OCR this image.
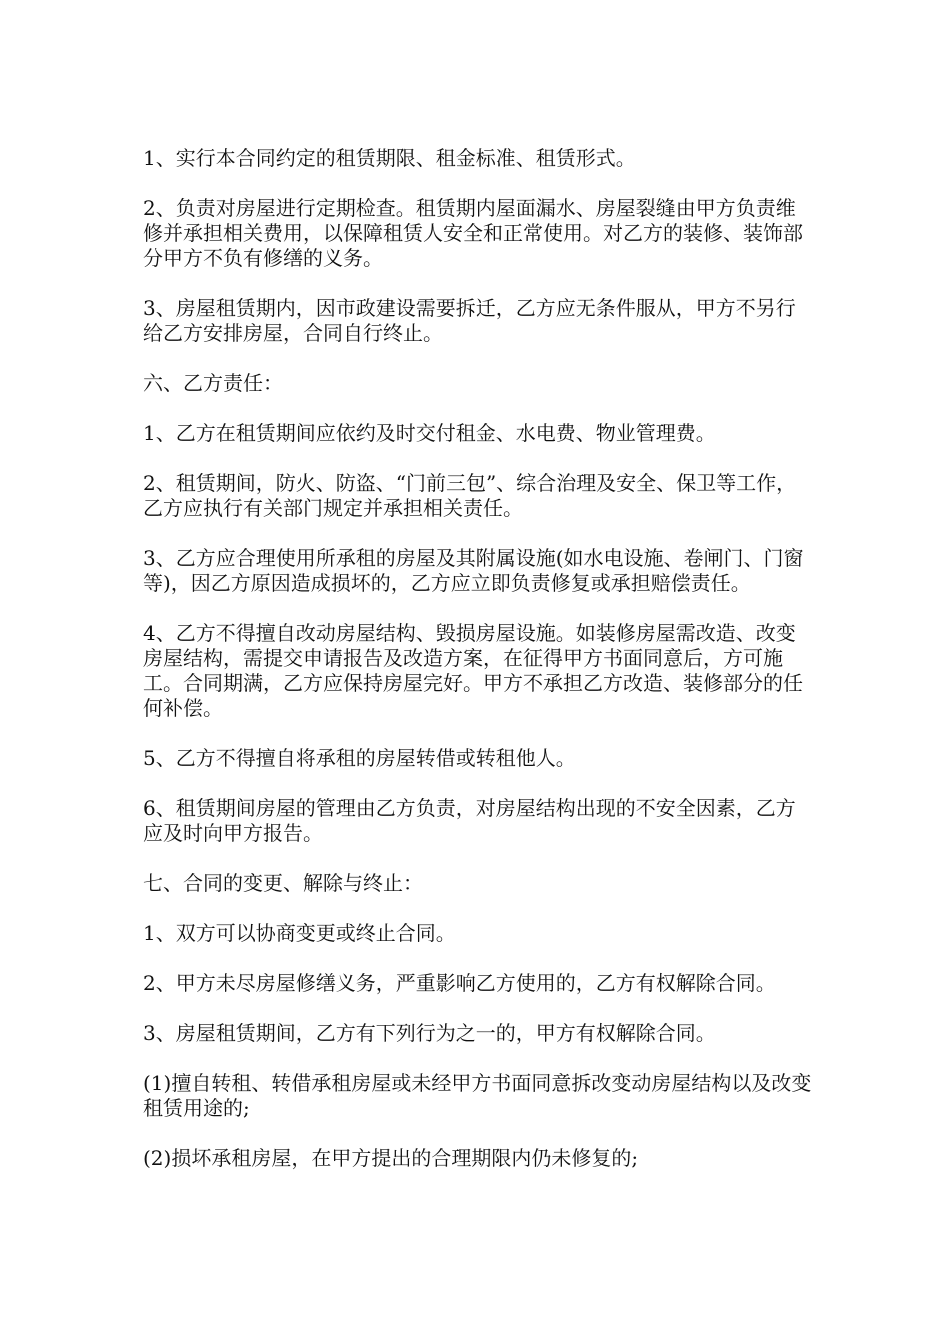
1、实行本合同约定的租赁期限、租金标准、租赁形式。

2、负责对房屋进行定期检查。租赁期内屋面漏水、房屋裂缝由甲方负责维修并承担相关费用，以保障租赁人安全和正常使用。对乙方的装修、装饰部分甲方不负有修缮的义务。

3、房屋租赁期内，因市政建设需要拆迁，乙方应无条件服从，甲方不另行给乙方安排房屋，合同自行终止。

六、乙方责任：

1、乙方在租赁期间应依约及时交付租金、水电费、物业管理费。

2、租赁期间，防火、防盗、“门前三包”、综合治理及安全、保卫等工作，乙方应执行有关部门规定并承担相关责任。

3、乙方应合理使用所承租的房屋及其附属设施(如水电设施、卷闸门、门窗等)，因乙方原因造成损坏的，乙方应立即负责修复或承担赔偿责任。

4、乙方不得擅自改动房屋结构、毁损房屋设施。如装修房屋需改造、改变房屋结构，需提交申请报告及改造方案，在征得甲方书面同意后，方可施工。合同期满，乙方应保持房屋完好。甲方不承担乙方改造、装修部分的任何补偿。

5、乙方不得擅自将承租的房屋转借或转租他人。

6、租赁期间房屋的管理由乙方负责，对房屋结构出现的不安全因素，乙方应及时向甲方报告。

七、合同的变更、解除与终止：

1、双方可以协商变更或终止合同。

2、甲方未尽房屋修缮义务，严重影响乙方使用的，乙方有权解除合同。

3、房屋租赁期间，乙方有下列行为之一的，甲方有权解除合同。

(1)擅自转租、转借承租房屋或未经甲方书面同意拆改变动房屋结构以及改变租赁用途的;

(2)损坏承租房屋，在甲方提出的合理期限内仍未修复的;
